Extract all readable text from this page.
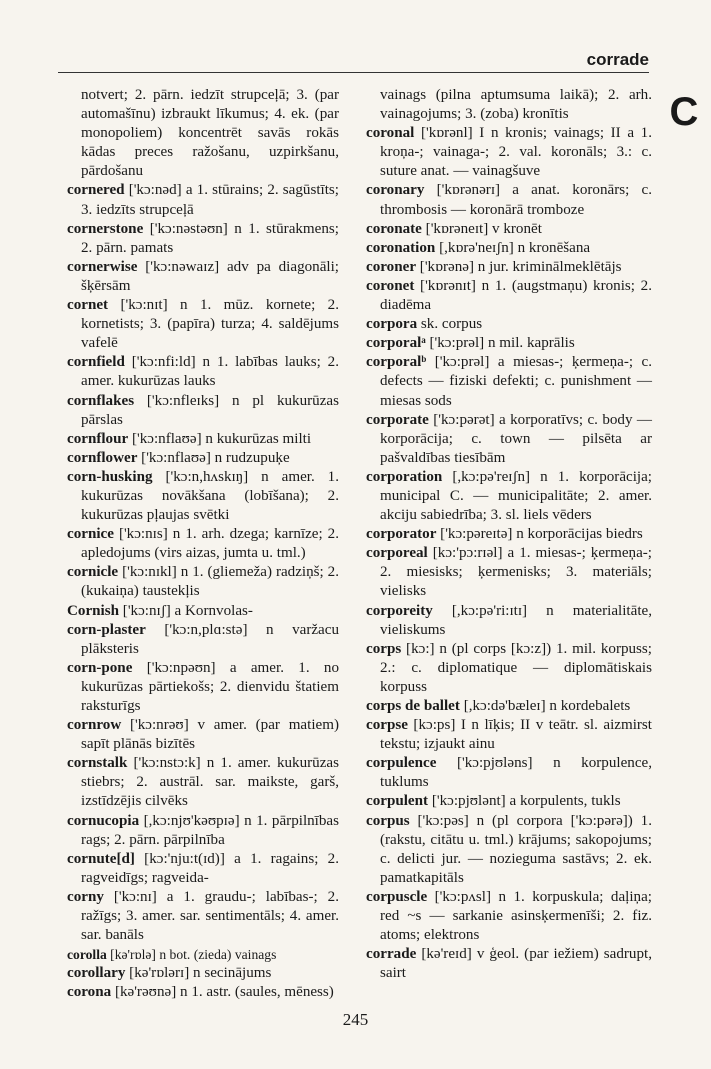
corrade
C

notvert; 2. pārn. iedzīt strupceļā; 3. (par automašīnu) izbraukt līkumus; 4. ek. (par monopoliem) koncentrēt savās rokās kādas preces ražošanu, uzpirkšanu, pārdošanu

cornered ['kɔ:nəd] a 1. stūrains; 2. sagūstīts; 3. iedzīts strupceļā

cornerstone ['kɔ:nəstəʊn] n 1. stūrakmens; 2. pārn. pamats

cornerwise ['kɔ:nəwaɪz] adv pa diagonāli; šķērsām

cornet ['kɔ:nɪt] n 1. mūz. kornete; 2. kornetists; 3. (papīra) turza; 4. saldējums vafelē

cornfield ['kɔ:nfi:ld] n 1. labības lauks; 2. amer. kukurūzas lauks

cornflakes ['kɔ:nfleɪks] n pl kukurūzas pārslas

cornflour ['kɔ:nflaʊə] n kukurūzas milti

cornflower ['kɔ:nflaʊə] n rudzupuķe

corn-husking ['kɔ:n,hʌskɪŋ] n amer. 1. kukurūzas novākšana (lobīšana); 2. kukurūzas pļaujas svētki

cornice ['kɔ:nɪs] n 1. arh. dzega; karnīze; 2. apledojums (virs aizas, jumta u. tml.)

cornicle ['kɔ:nɪkl] n 1. (gliemeža) radziņš; 2. (kukaiņa) taustekļis

Cornish ['kɔ:nɪʃ] a Kornvolas-

corn-plaster ['kɔ:n,plɑ:stə] n varžacu plāksteris

corn-pone ['kɔ:npəʊn] a amer. 1. no kukurūzas pārtiekošs; 2. dienvidu štatiem raksturīgs

cornrow ['kɔ:nrəʊ] v amer. (par matiem) sapīt plānās bizītēs

cornstalk ['kɔ:nstɔ:k] n 1. amer. kukurūzas stiebrs; 2. austrāl. sar. maikste, garš, izstīdzējis cilvēks

cornucopia [,kɔ:njʊ'kəʊpɪə] n 1. pārpilnības rags; 2. pārn. pārpilnība

cornute[d] [kɔ:'nju:t(ɪd)] a 1. ragains; 2. ragveidīgs; ragveida-

corny ['kɔ:nɪ] a 1. graudu-; labības-; 2. ražīgs; 3. amer. sar. sentimentāls; 4. amer. sar. banāls

corolla [kə'rɒlə] n bot. (zieda) vainags

corollary [kə'rɒlərɪ] n secinājums

corona [kə'rəʊnə] n 1. astr. (saules, mēness)

vainags (pilna aptumsuma laikā); 2. arh. vainagojums; 3. (zoba) kronītis

coronal ['kɒrənl] I n kronis; vainags; II a 1. kroņa-; vainaga-; 2. val. koronāls; 3.: c. suture anat. — vainagšuve

coronary ['kɒrənərɪ] a anat. koronārs; c. thrombosis — koronārā tromboze

coronate ['kɒrəneɪt] v kronēt

coronation [,kɒrə'neɪʃn] n kronēšana

coroner ['kɒrənə] n jur. kriminālmeklētājs

coronet ['kɒrənɪt] n 1. (augstmaņu) kronis; 2. diadēma

corpora sk. corpus

corporalᵃ ['kɔ:prəl] n mil. kaprālis

corporalᵇ ['kɔ:prəl] a miesas-; ķermeņa-; c. defects — fiziski defekti; c. punishment — miesas sods

corporate ['kɔ:pərət] a korporatīvs; c. body — korporācija; c. town — pilsēta ar pašvaldības tiesībām

corporation [,kɔ:pə'reɪʃn] n 1. korporācija; municipal C. — municipalitāte; 2. amer. akciju sabiedrība; 3. sl. liels vēders

corporator ['kɔ:pəreɪtə] n korporācijas biedrs

corporeal [kɔ:'pɔ:rɪəl] a 1. miesas-; ķermeņa-; 2. miesisks; ķermenisks; 3. materiāls; vielisks

corporeity [,kɔ:pə'ri:ɪtɪ] n materialitāte, vieliskums

corps [kɔ:] n (pl corps [kɔ:z]) 1. mil. korpuss; 2.: c. diplomatique — diplomātiskais korpuss

corps de ballet [,kɔ:də'bæleɪ] n kordebalets

corpse [kɔ:ps] I n līķis; II v teātr. sl. aizmirst tekstu; izjaukt ainu

corpulence ['kɔ:pjʊləns] n korpulence, tuklums

corpulent ['kɔ:pjʊlənt] a korpulents, tukls

corpus ['kɔ:pəs] n (pl corpora ['kɔ:pərə]) 1. (rakstu, citātu u. tml.) krājums; sakopojums; c. delicti jur. — nozieguma sastāvs; 2. ek. pamatkapitāls

corpuscle ['kɔ:pʌsl] n 1. korpuskula; daļiņa; red ~s — sarkanie asinsķermenīši; 2. fiz. atoms; elektrons

corrade [kə'reɪd] v ģeol. (par iežiem) sadrupt, sairt

245
